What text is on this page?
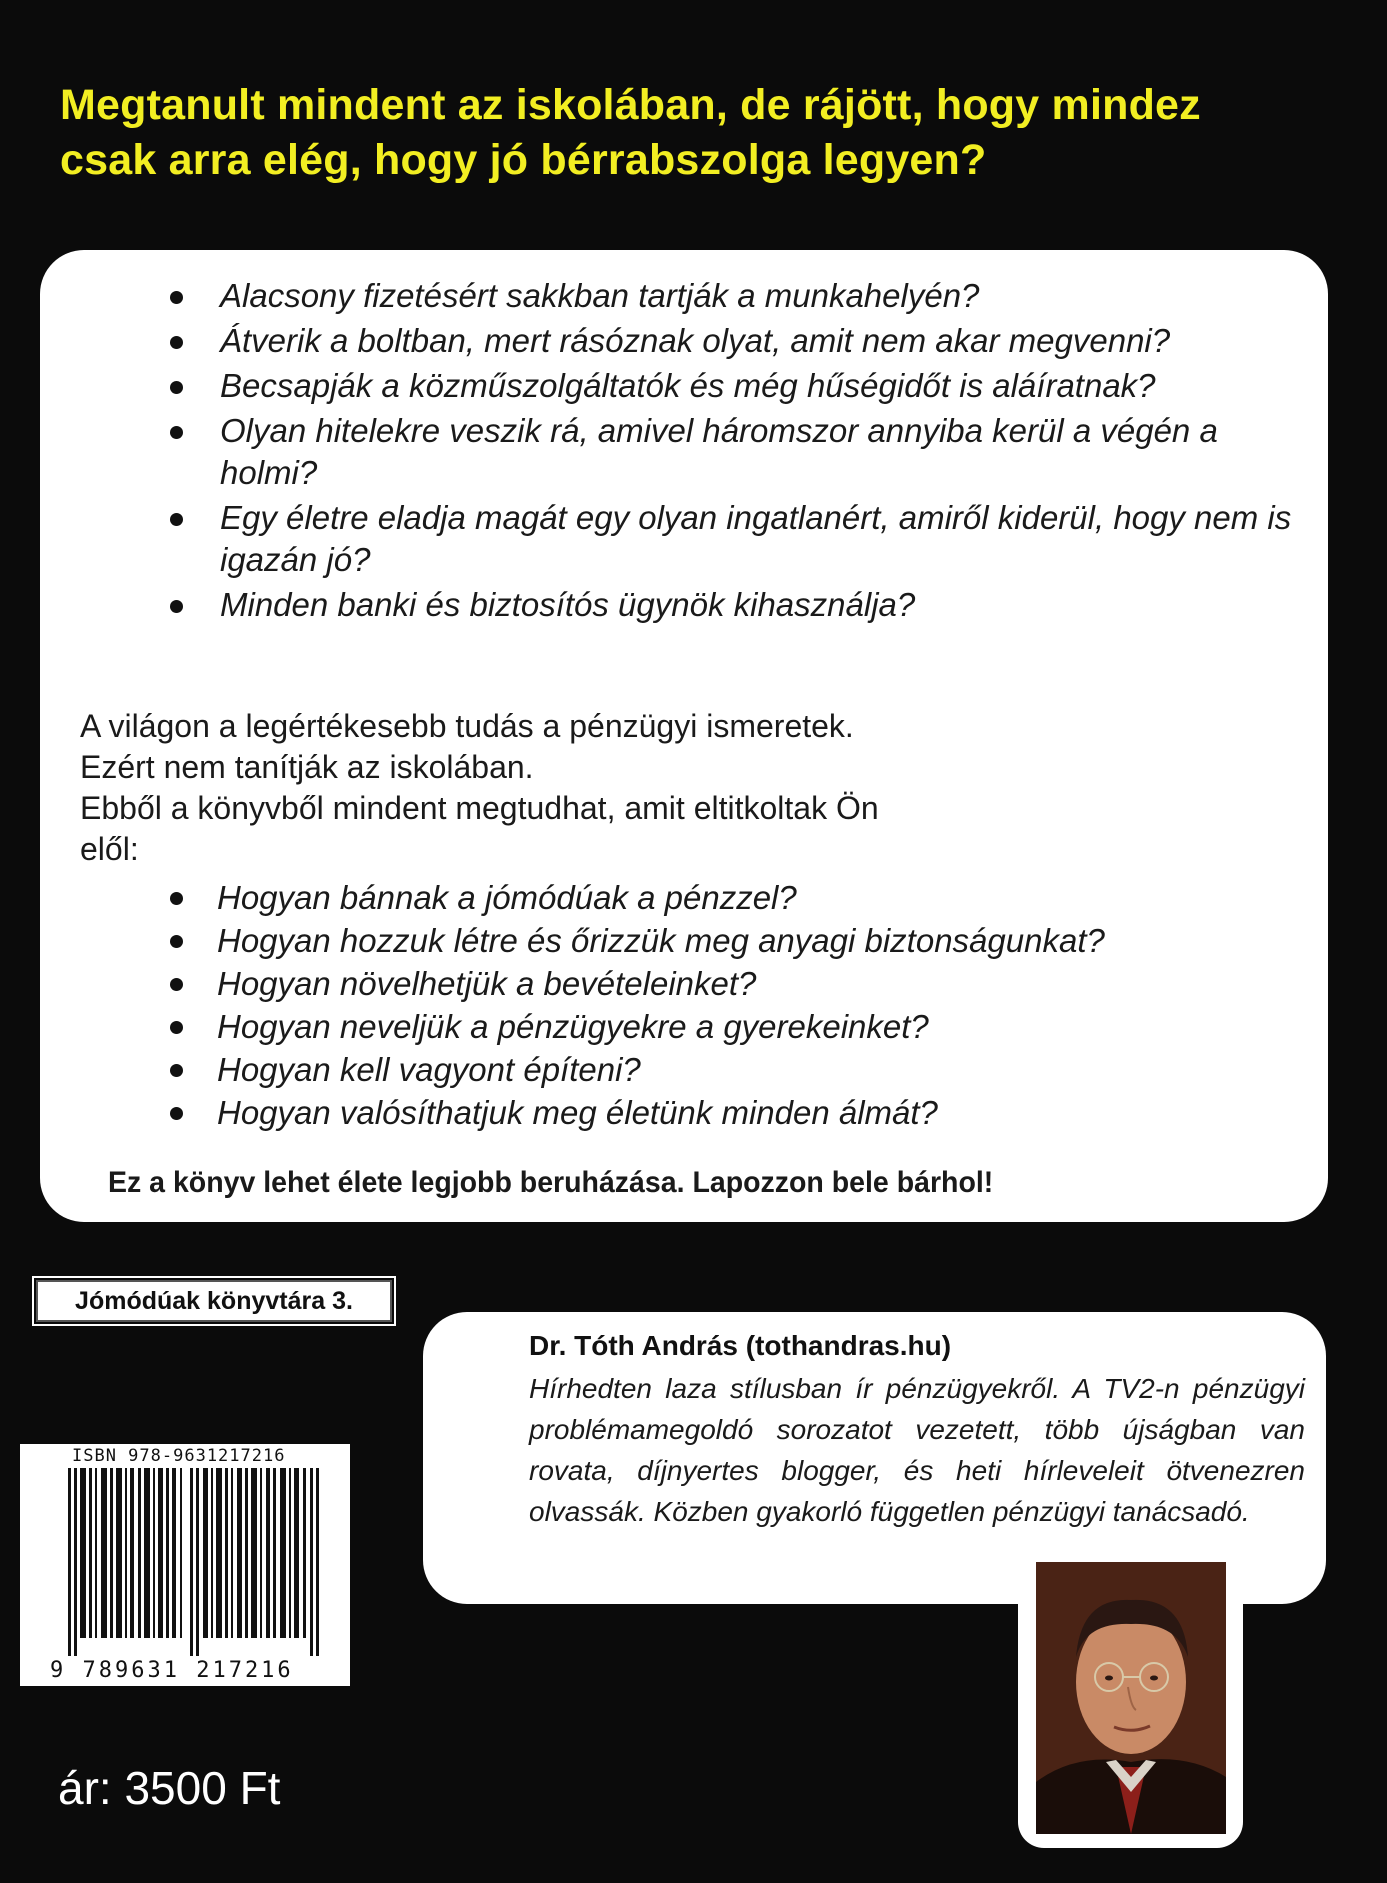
Megtanult mindent az iskolában, de rájött, hogy mindez
csak arra elég, hogy jó bérrabszolga legyen?
Alacsony fizetésért sakkban tartják a munkahelyén?
Átverik a boltban, mert rásóznak olyat, amit nem akar megvenni?
Becsapják a közműszolgáltatók és még hűségidőt is aláíratnak?
Olyan hitelekre veszik rá, amivel háromszor annyiba kerül a végén a holmi?
Egy életre eladja magát egy olyan ingatlanért, amiről kiderül, hogy nem is igazán jó?
Minden banki és biztosítós ügynök kihasználja?

A világon a legértékesebb tudás a pénzügyi ismeretek.
Ezért nem tanítják az iskolában.
Ebből a könyvből mindent megtudhat, amit eltitkoltak Ön
elől:

Hogyan bánnak a jómódúak a pénzzel?
Hogyan hozzuk létre és őrizzük meg anyagi biztonságunkat?
Hogyan növelhetjük a bevételeinket?
Hogyan neveljük a pénzügyekre a gyerekeinket?
Hogyan kell vagyont építeni?
Hogyan valósíthatjuk meg életünk minden álmát?

Ez a könyv lehet élete legjobb beruházása. Lapozzon bele bárhol!

Jómódúak könyvtára 3.

Dr. Tóth András (tothandras.hu)

Hírhedten laza stílusban ír pénzügyekről. A TV2-n pénzügyi problémamegoldó sorozatot vezetett, több újságban van rovata, díjnyertes blogger, és heti hírleveleit ötvenezren olvassák. Közben gyakorló független pénzügyi tanácsadó.

ISBN 978-9631217216

9 789631 217216

ár: 3500 Ft
